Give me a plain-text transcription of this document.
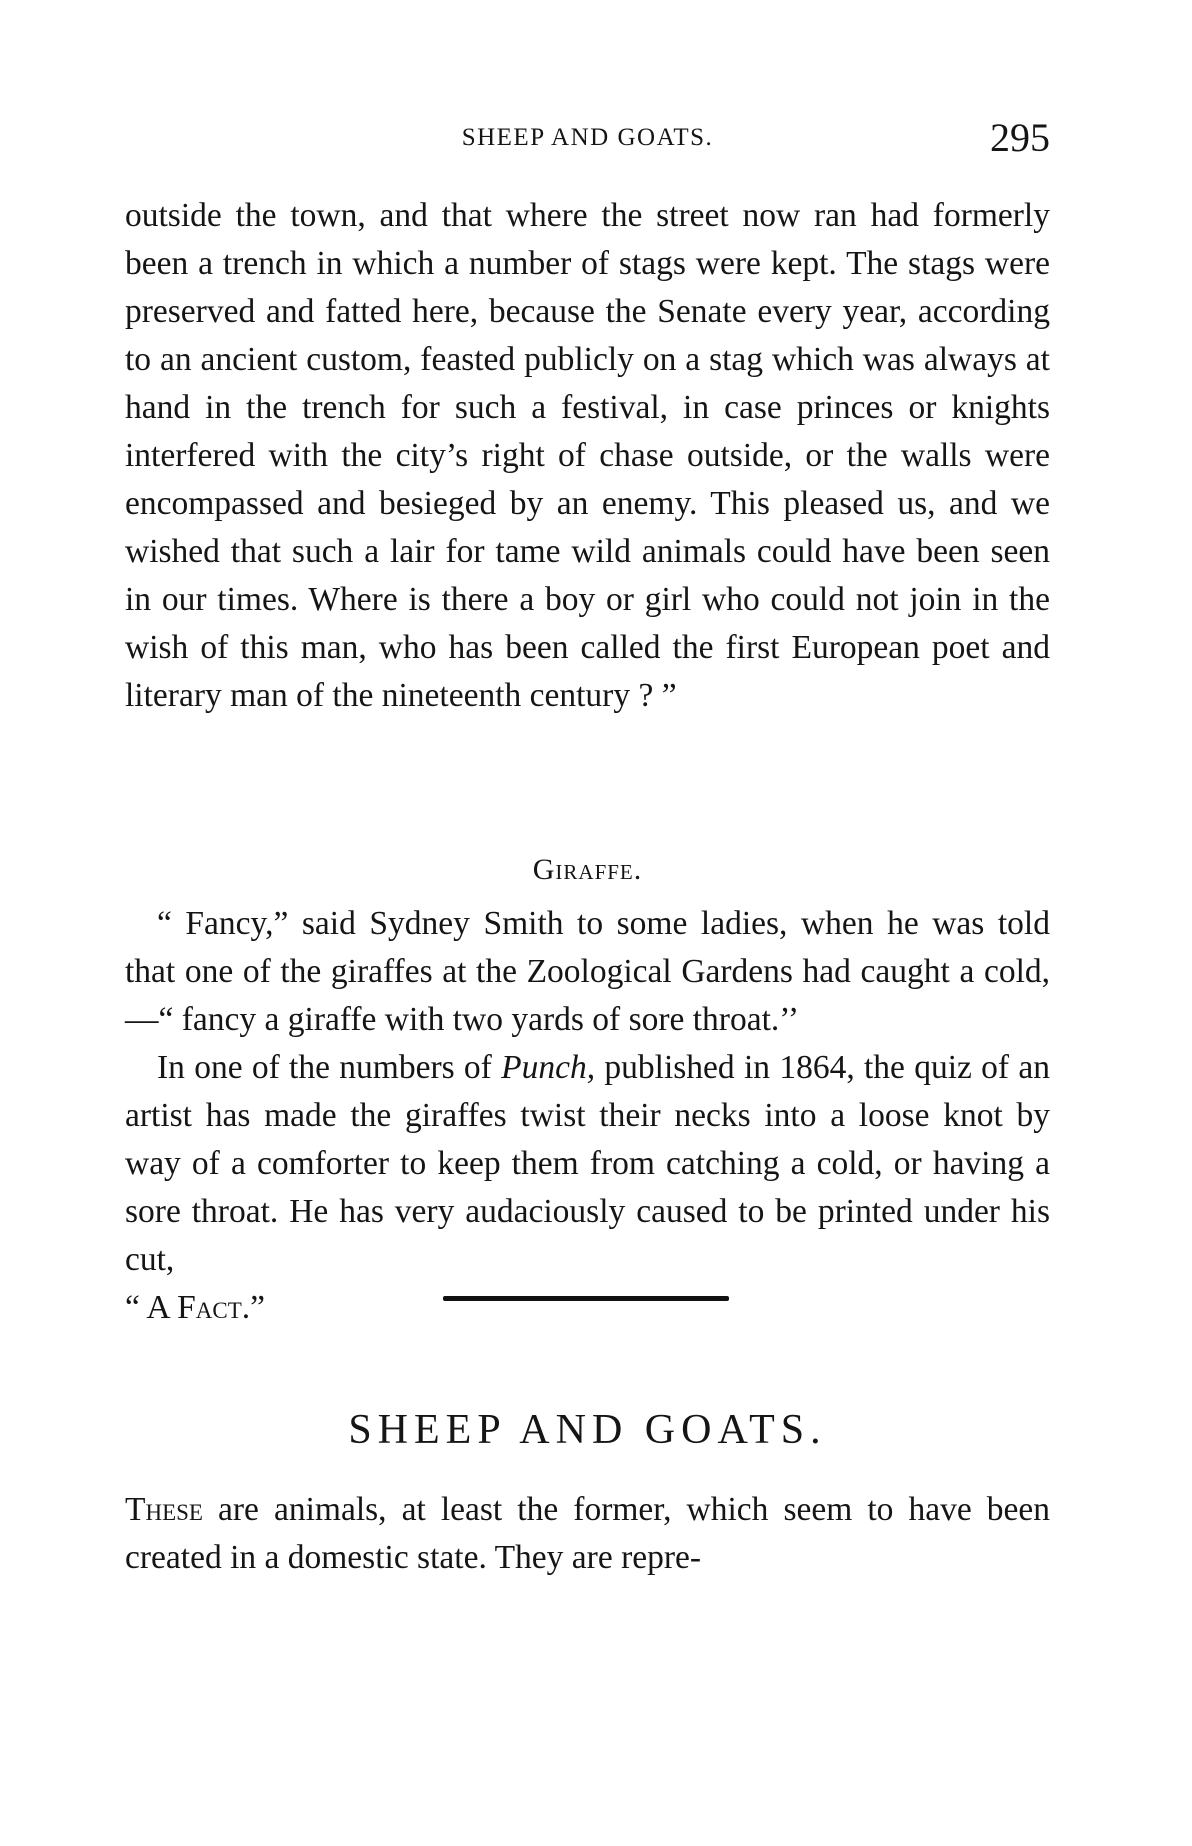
SHEEP AND GOATS.	295

outside the town, and that where the street now ran had formerly been a trench in which a number of stags were kept. The stags were preserved and fatted here, because the Senate every year, according to an ancient custom, feasted publicly on a stag which was always at hand in the trench for such a festival, in case princes or knights interfered with the city’s right of chase outside, or the walls were encompassed and besieged by an enemy. This pleased us, and we wished that such a lair for tame wild animals could have been seen in our times. Where is there a boy or girl who could not join in the wish of this man, who has been called the first European poet and literary man of the nineteenth century ? ”

Giraffe.

“ Fancy,” said Sydney Smith to some ladies, when he was told that one of the giraffes at the Zoological Gardens had caught a cold,—“ fancy a giraffe with two yards of sore throat.’’

In one of the numbers of Punch, published in 1864, the quiz of an artist has made the giraffes twist their necks into a loose knot by way of a comforter to keep them from catching a cold, or having a sore throat. He has very audaciously caused to be printed under his cut,
“ A Fact.”

SHEEP AND GOATS.

These are animals, at least the former, which seem to have been created in a domestic state. They are repre-
